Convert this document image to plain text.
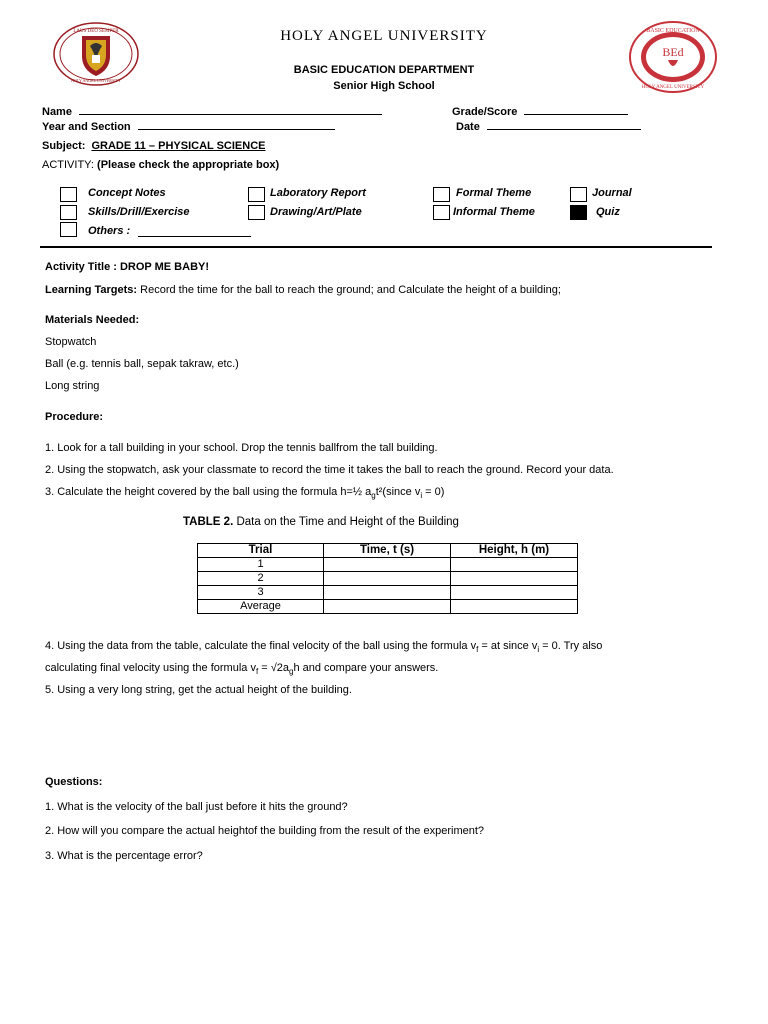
LAUS DEO SEMPER
HOLY ANGEL UNIVERSITY
BASIC EDUCATION
BEd
HOLY ANGEL UNIVERSITY
HOLY ANGEL UNIVERSITY
BASIC EDUCATION DEPARTMENT
Senior High School
Name	Grade/Score
Year and Section	Date
Subject: GRADE 11 – PHYSICAL SCIENCE
ACTIVITY: (Please check the appropriate box)
Concept Notes	Laboratory Report	Formal Theme	Journal
Skills/Drill/Exercise	Drawing/Art/Plate	Informal Theme	Quiz
Others :
Activity Title : DROP ME BABY!
Learning Targets: Record the time for the ball to reach the ground; and Calculate the height of a building;
Materials Needed:
Stopwatch
Ball (e.g. tennis ball, sepak takraw, etc.)
Long string
Procedure:
1. Look for a tall building in your school. Drop the tennis ballfrom the tall building.
2. Using the stopwatch, ask your classmate to record the time it takes the ball to reach the ground. Record your data.
3. Calculate the height covered by the ball using the formula h=½ $a_gt^2(since$ $v_i = 0$)
TABLE 2. Data on the Time and Height of the Building
Trial	Time, t (s)	Height, h (m)
1		
2		
3		
Average		
4. Using the data from the table, calculate the final velocity of the ball using the formula $v_f$ = at since $v_i = 0$. Try also
calculating final velocity using the formula $v_f = √2a_gh$ and compare your answers.
5. Using a very long string, get the actual height of the building.
Questions:
1. What is the velocity of the ball just before it hits the ground?
2. How will you compare the actual heightof the building from the result of the experiment?
3. What is the percentage error?
